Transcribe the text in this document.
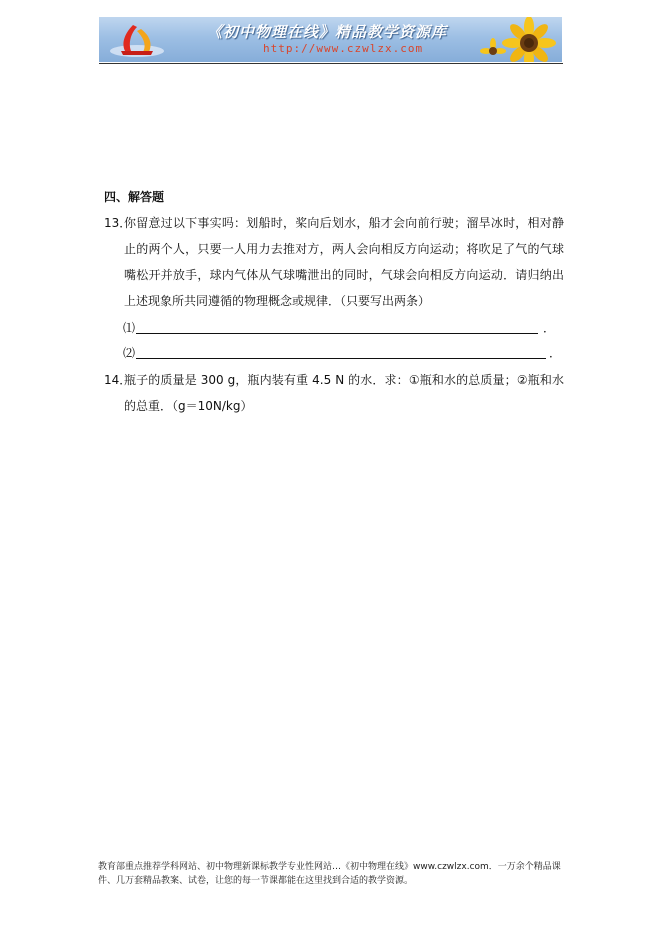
《初中物理在线》精品教学资源库
http://www.czwlzx.com
四、解答题
13．
你留意过以下事实吗：划船时，桨向后划水，船才会向前行驶；溜旱冰时，相对静止的两个人，只要一人用力去推对方，两人会向相反方向运动；将吹足了气的气球嘴松开并放手，球内气体从气球嘴泄出的同时，气球会向相反方向运动．请归纳出上述现象所共同遵循的物理概念或规律．（只要写出两条）
⑴	．
⑵	．
14．
瓶子的质量是 300 g，瓶内装有重 4.5 N 的水．求：①瓶和水的总质量；②瓶和水的总重．（g＝10N/kg）
教育部重点推荐学科网站、初中物理新课标教学专业性网站…《初中物理在线》www.czwlzx.com．一万余个精品课件、几万套精品教案、试卷，让您的每一节课都能在这里找到合适的教学资源。
